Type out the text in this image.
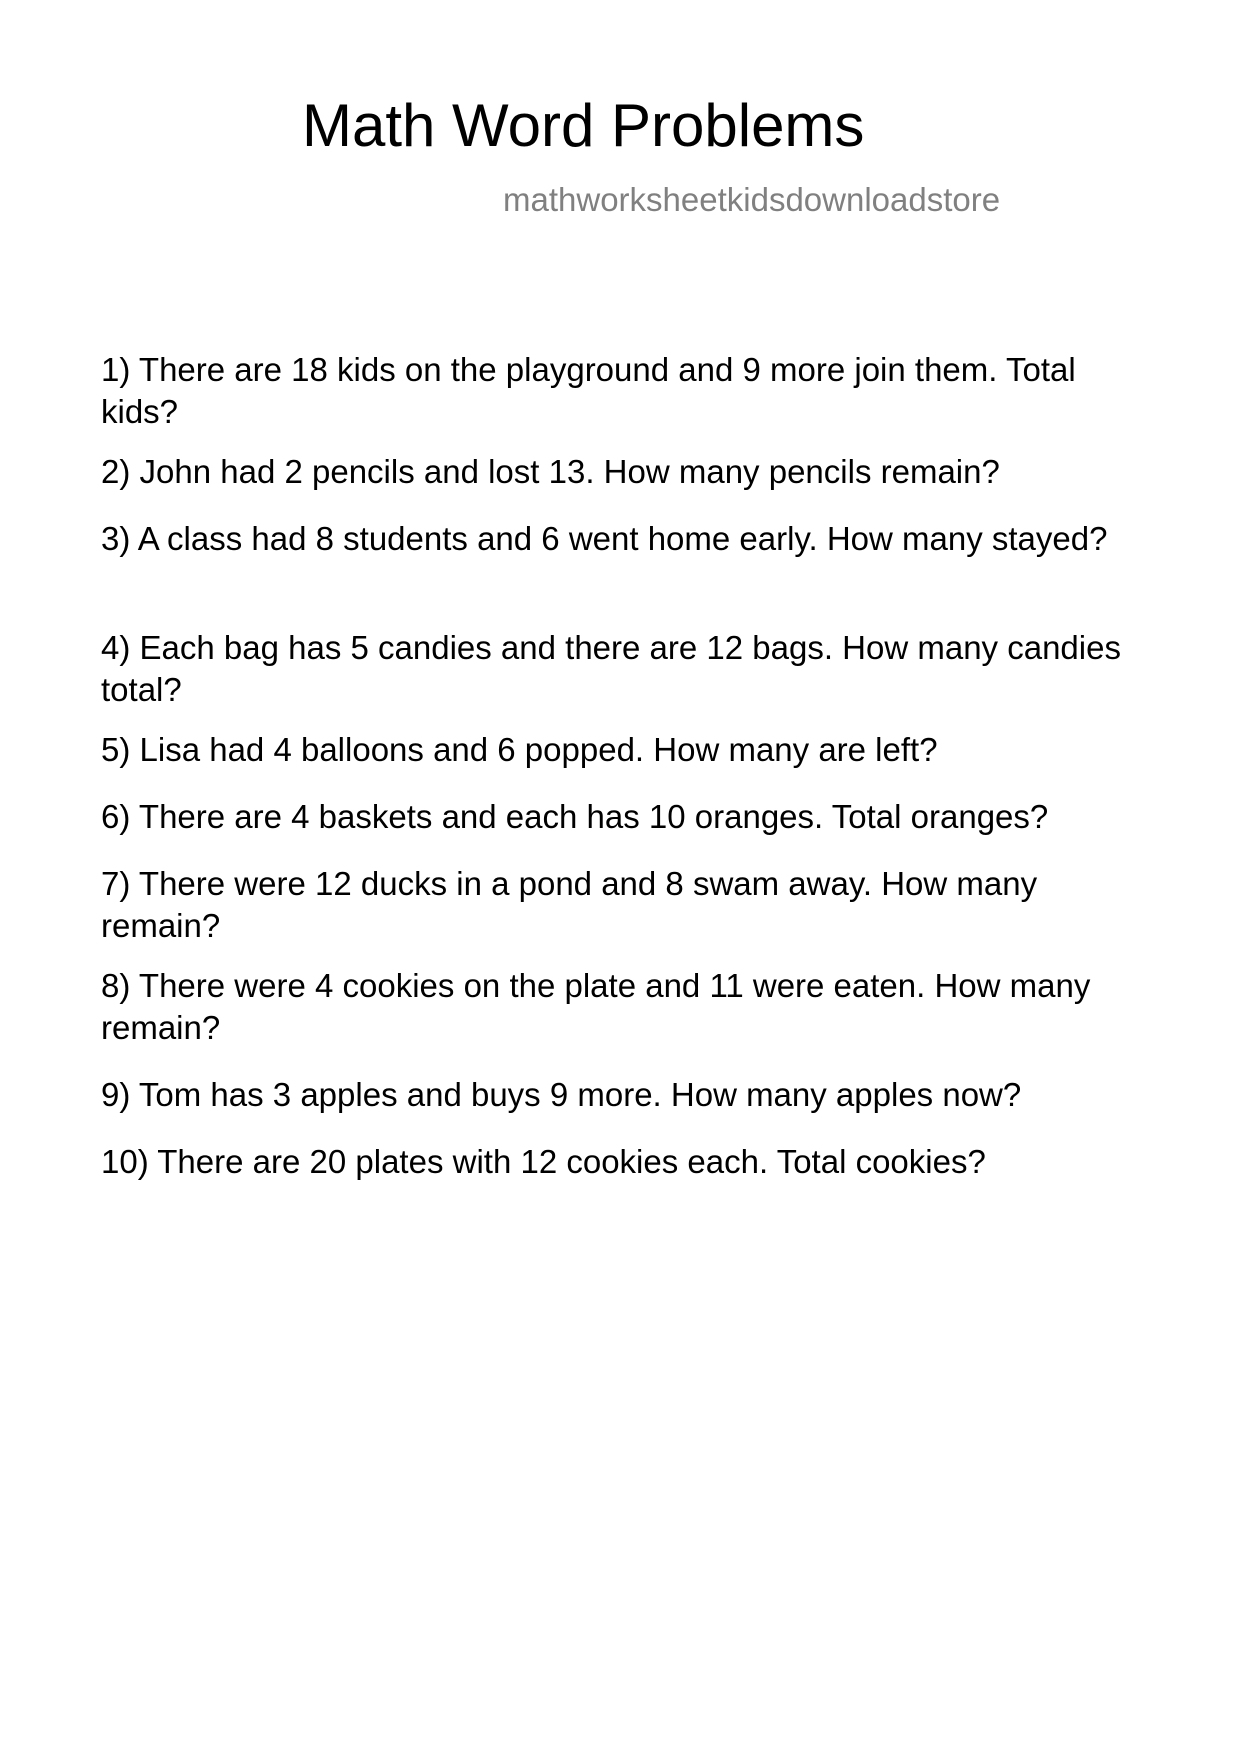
Math Word Problems
mathworksheetkidsdownloadstore
1) There are 18 kids on the playground and 9 more join them. Total kids?
2) John had 2 pencils and lost 13. How many pencils remain?
3) A class had 8 students and 6 went home early. How many stayed?
4) Each bag has 5 candies and there are 12 bags. How many candies total?
5) Lisa had 4 balloons and 6 popped. How many are left?
6) There are 4 baskets and each has 10 oranges. Total oranges?
7) There were 12 ducks in a pond and 8 swam away. How many remain?
8) There were 4 cookies on the plate and 11 were eaten. How many remain?
9) Tom has 3 apples and buys 9 more. How many apples now?
10) There are 20 plates with 12 cookies each. Total cookies?
